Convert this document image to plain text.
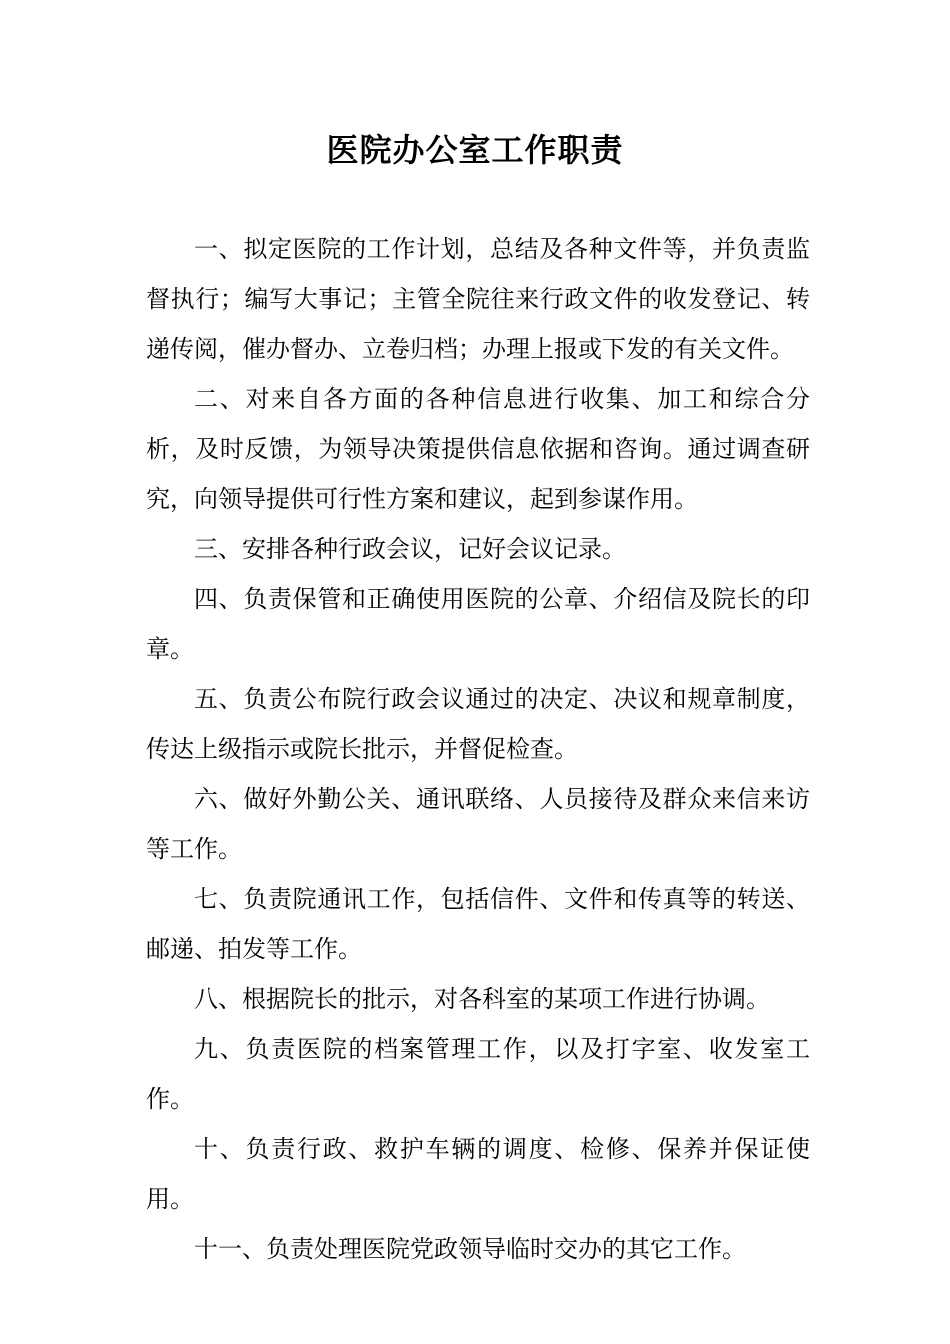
医院办公室工作职责

一、拟定医院的工作计划，总结及各种文件等，并负责监督执行；编写大事记；主管全院往来行政文件的收发登记、转递传阅，催办督办、立卷归档；办理上报或下发的有关文件。

二、对来自各方面的各种信息进行收集、加工和综合分析，及时反馈，为领导决策提供信息依据和咨询。通过调查研究，向领导提供可行性方案和建议，起到参谋作用。

三、安排各种行政会议，记好会议记录。

四、负责保管和正确使用医院的公章、介绍信及院长的印章。

五、负责公布院行政会议通过的决定、决议和规章制度，传达上级指示或院长批示，并督促检查。

六、做好外勤公关、通讯联络、人员接待及群众来信来访等工作。

七、负责院通讯工作，包括信件、文件和传真等的转送、邮递、拍发等工作。

八、根据院长的批示，对各科室的某项工作进行协调。

九、负责医院的档案管理工作，以及打字室、收发室工作。

十、负责行政、救护车辆的调度、检修、保养并保证使用。

十一、负责处理医院党政领导临时交办的其它工作。
